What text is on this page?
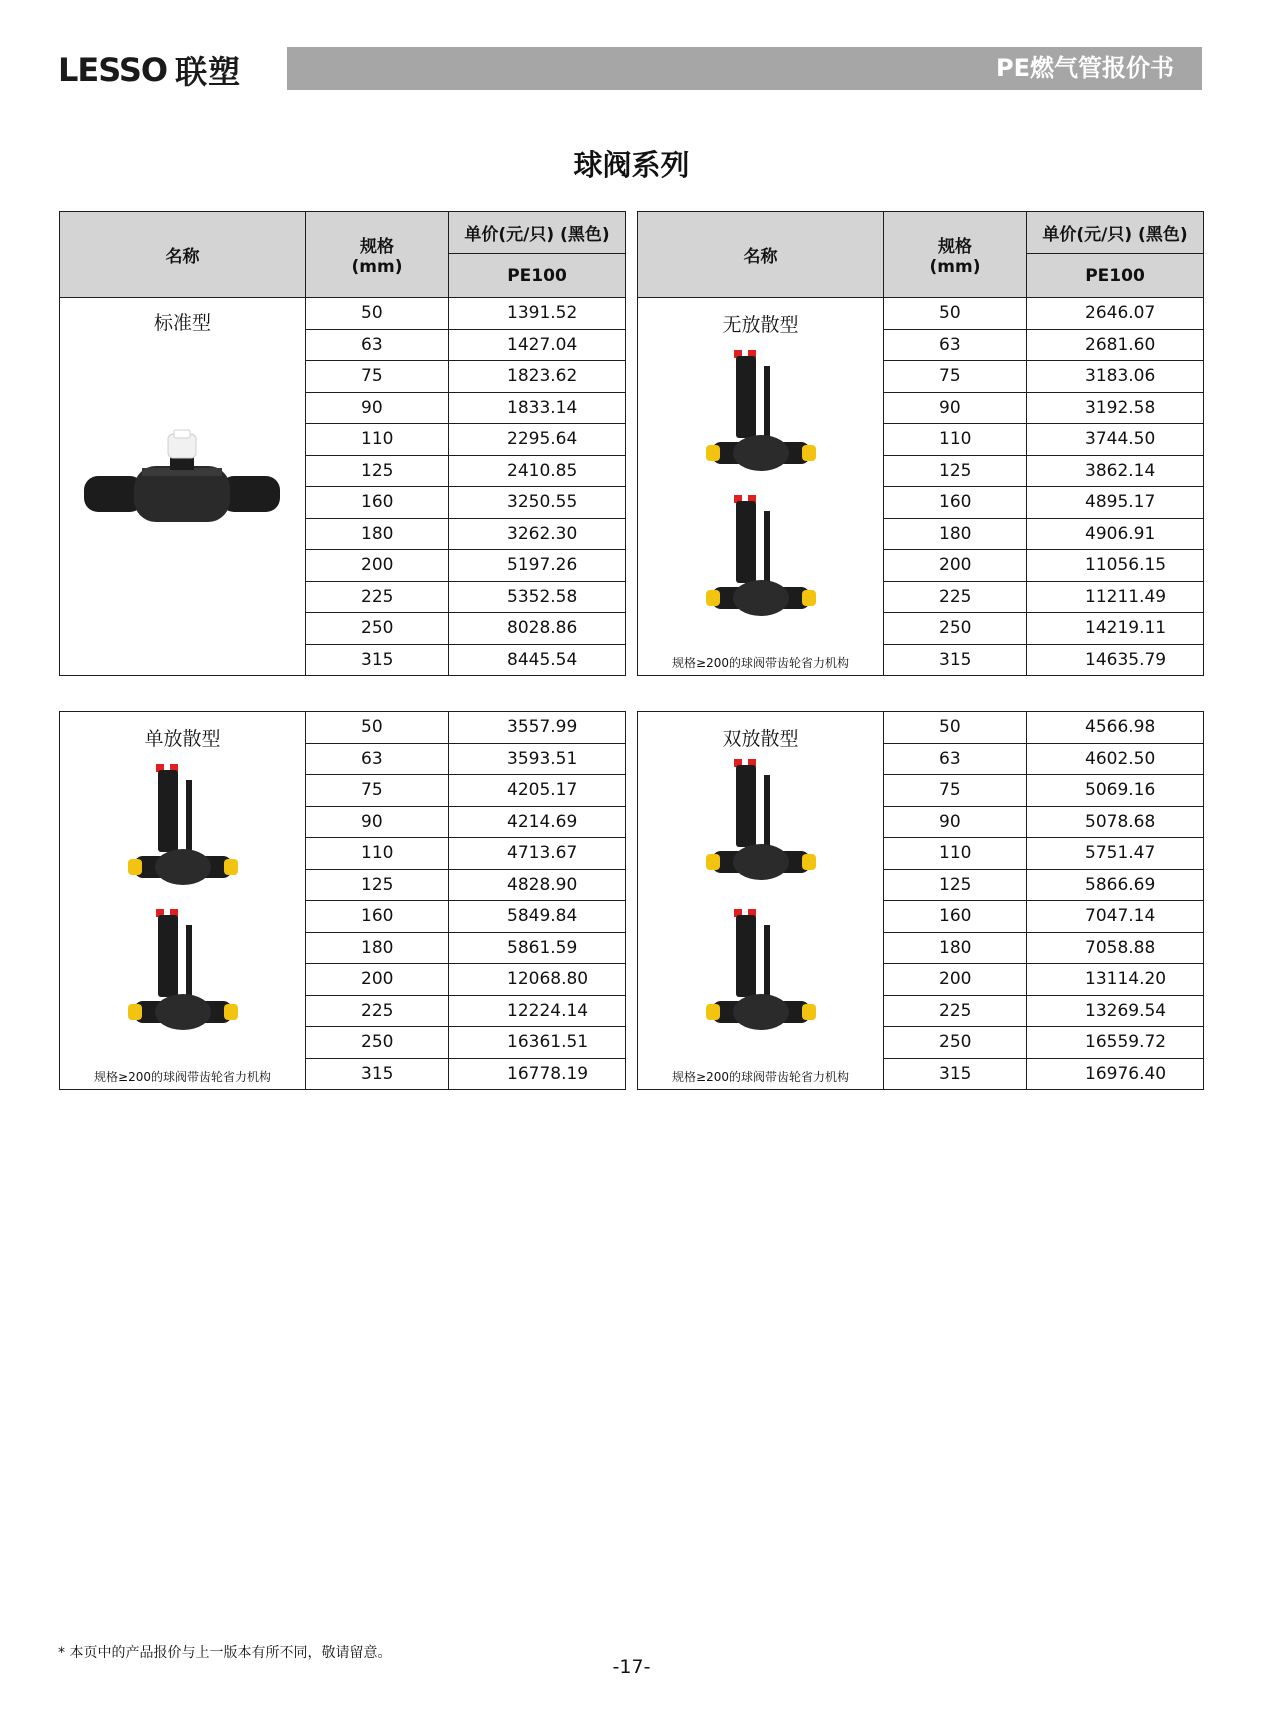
LESSO 联塑	PE燃气管报价书
球阀系列
名称	规格
(mm)	单价(元/只) (黑色)
		PE100

标准型	50	1391.52
	63	1427.04
	75	1823.62
	90	1833.14
	110	2295.64
	125	2410.85
	160	3250.55
	180	3262.30
	200	5197.26
	225	5352.58
	250	8028.86
	315	8445.54
名称	规格
(mm)	单价(元/只) (黑色)
		PE100

无放散型
规格≥200的球阀带齿轮省力机构	50	2646.07
	63	2681.60
	75	3183.06
	90	3192.58
	110	3744.50
	125	3862.14
	160	4895.17
	180	4906.91
	200	11056.15
	225	11211.49
	250	14219.11
	315	14635.79
单放散型
规格≥200的球阀带齿轮省力机构	50	3557.99
	63	3593.51
	75	4205.17
	90	4214.69
	110	4713.67
	125	4828.90
	160	5849.84
	180	5861.59
	200	12068.80
	225	12224.14
	250	16361.51
	315	16778.19
双放散型
规格≥200的球阀带齿轮省力机构	50	4566.98
	63	4602.50
	75	5069.16
	90	5078.68
	110	5751.47
	125	5866.69
	160	7047.14
	180	7058.88
	200	13114.20
	225	13269.54
	250	16559.72
	315	16976.40
* 本页中的产品报价与上一版本有所不同，敬请留意。
-17-
